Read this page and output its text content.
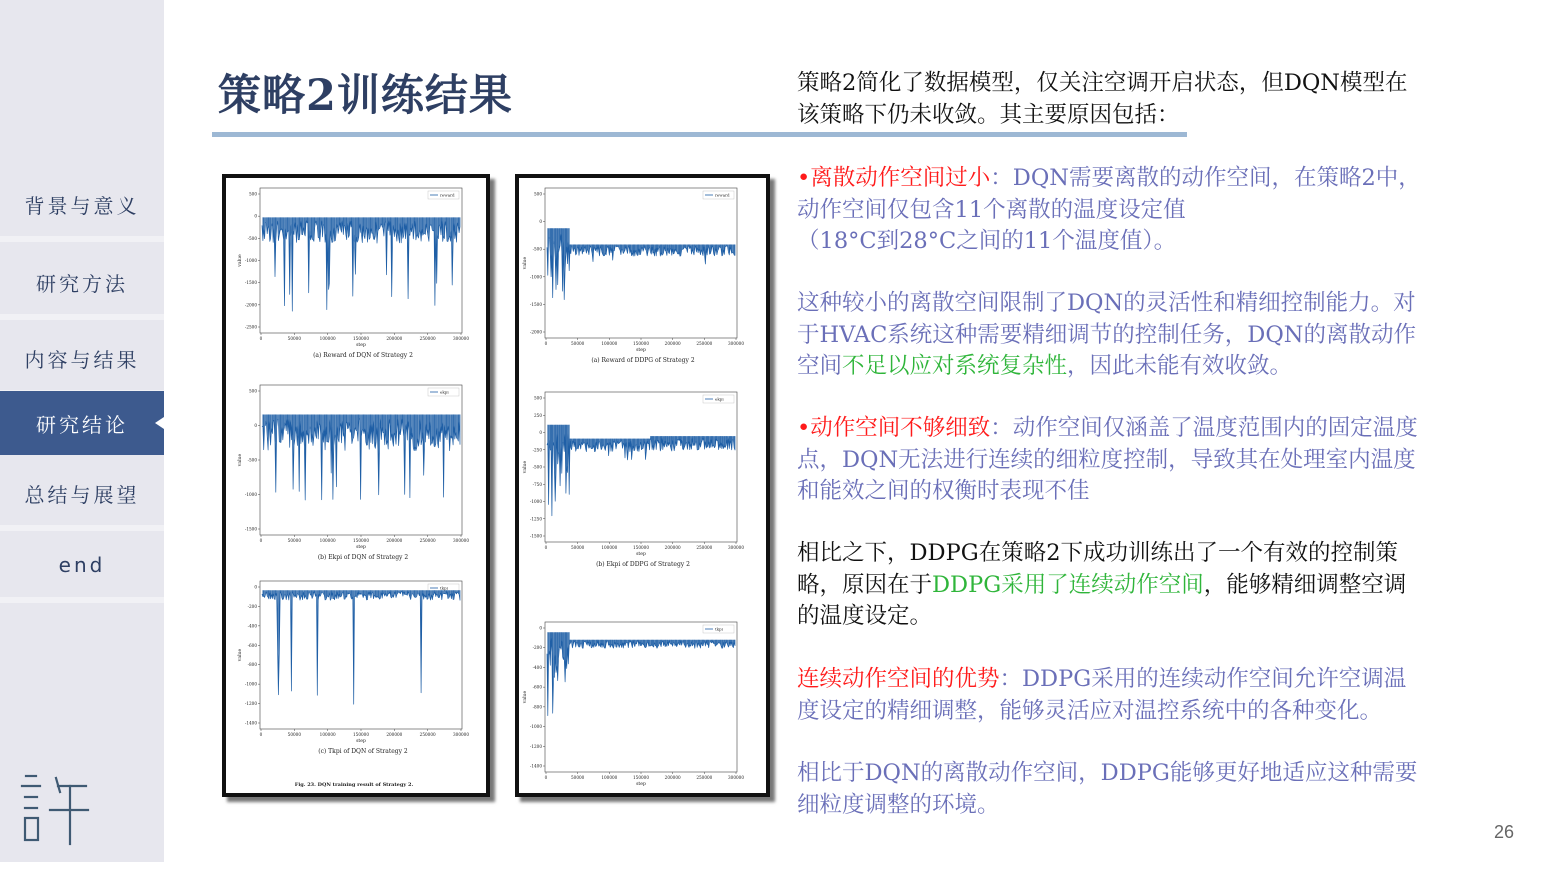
背景与意义
研究方法
内容与结果
研究结论
总结与展望
end
策略2训练结果
500
0
-500
-1000
-1500
-2000
-2500
0	50000	100000	150000	200000	250000	300000
step
value
reward
(a) Reward of DQN of Strategy 2
500
0
-500
-1000
-1500
0	50000	100000	150000	200000	250000	300000
step
value
ekpi
(b) Ekpi of DQN of Strategy 2
0
-200
-400
-600
-800
-1000
-1200
-1400
0	50000	100000	150000	200000	250000	300000
step
value
tkpi
(c) Tkpi of DQN of Strategy 2
Fig. 23. DQN training result of Strategy 2.
500
0
-500
-1000
-1500
-2000
0	50000	100000	150000	200000	250000	300000
step
value
reward
(a) Reward of DDPG of Strategy 2
500
250
0
-250
-500
-750
-1000
-1250
-1500
0	50000	100000	150000	200000	250000	300000
step
value
ekpi
(b) Ekpi of DDPG of Strategy 2
0
-200
-400
-600
-800
-1000
-1200
-1400
0	50000	100000	150000	200000	250000	300000
step
value
tkpi
策略2简化了数据模型，仅关注空调开启状态，但DQN模型在
该策略下仍未收敛。其主要原因包括：
•离散动作空间过小：DQN需要离散的动作空间，在策略2中，
动作空间仅包含11个离散的温度设定值
（18°C到28°C之间的11个温度值）。
这种较小的离散空间限制了DQN的灵活性和精细控制能力。对
于HVAC系统这种需要精细调节的控制任务，DQN的离散动作
空间不足以应对系统复杂性，因此未能有效收敛。
•动作空间不够细致：动作空间仅涵盖了温度范围内的固定温度
点，DQN无法进行连续的细粒度控制，导致其在处理室内温度
和能效之间的权衡时表现不佳
相比之下，DDPG在策略2下成功训练出了一个有效的控制策
略，原因在于DDPG采用了连续动作空间，能够精细调整空调
的温度设定。
连续动作空间的优势：DDPG采用的连续动作空间允许空调温
度设定的精细调整，能够灵活应对温控系统中的各种变化。
相比于DQN的离散动作空间，DDPG能够更好地适应这种需要
细粒度调整的环境。
26
